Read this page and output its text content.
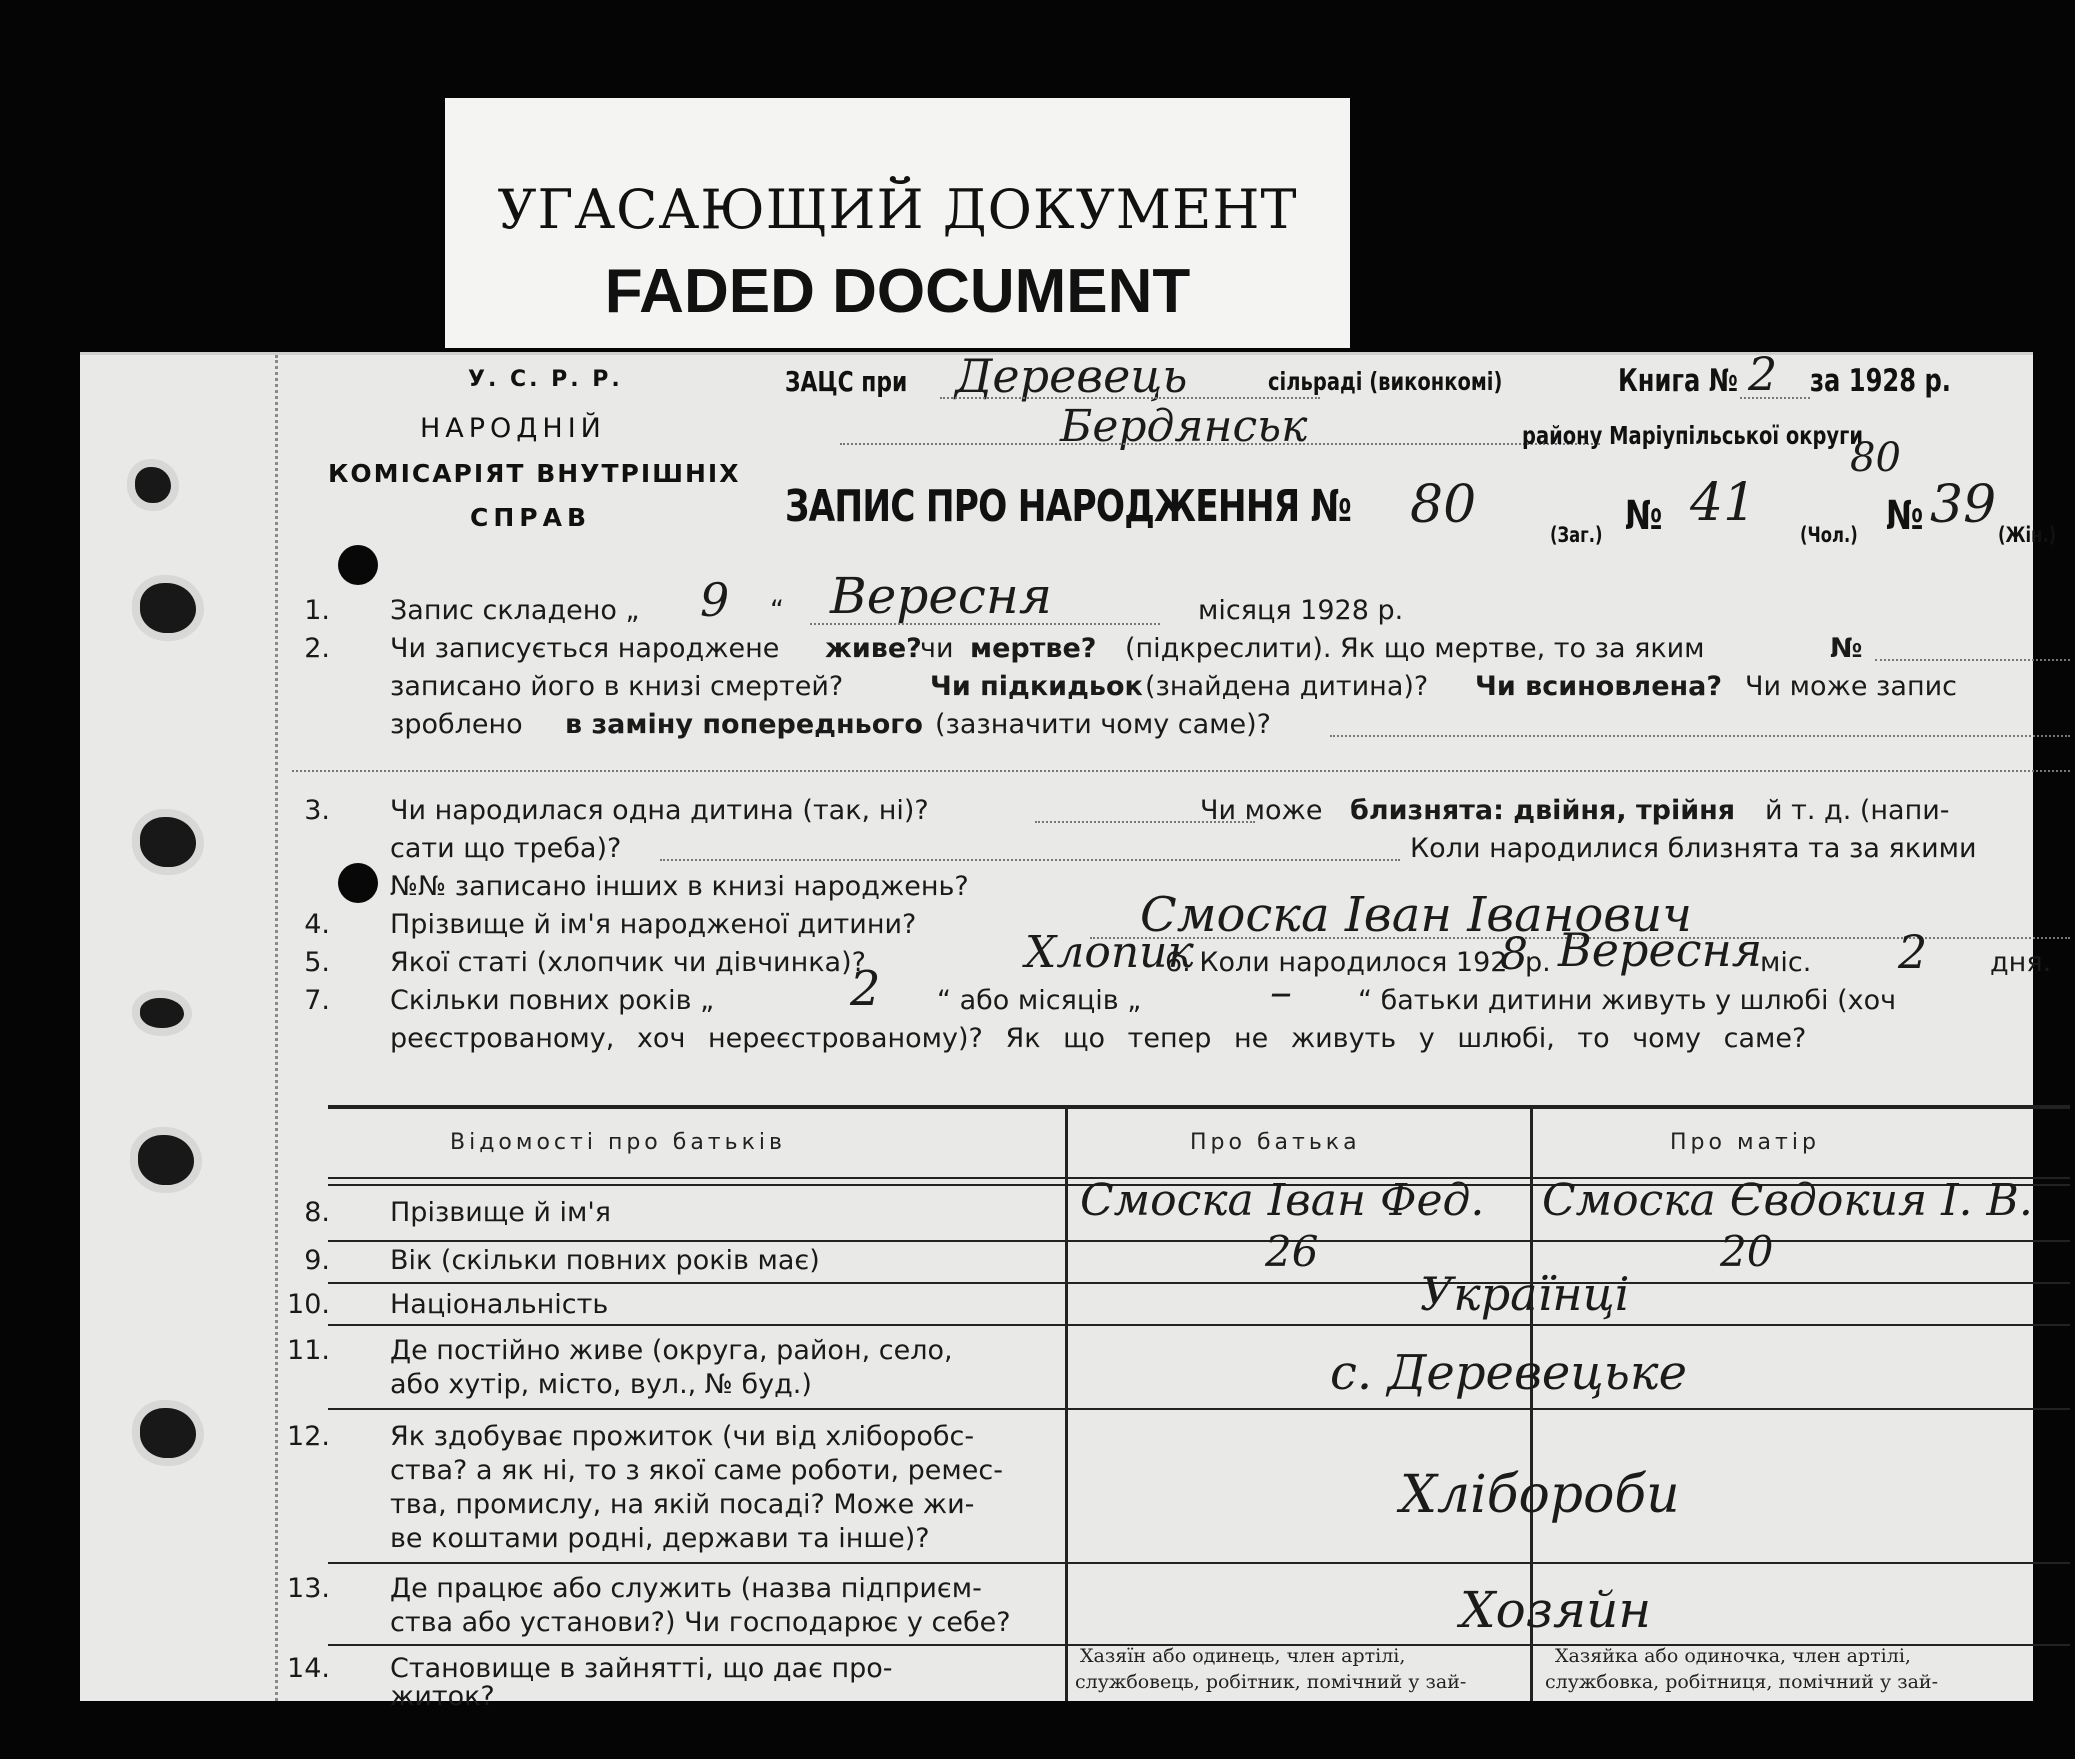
УГАСАЮЩИЙ ДОКУМЕНТ
FADED DOCUMENT
У. С. Р. Р.
НАРОДНІЙ
КОМІСАРІЯТ ВНУТРІШНІХ
СПРАВ
ЗАЦС при Деревець	сільраді (виконкомі)	Книга № 2 за 1928 р.
Бердянськ	району Маріупільської округи
80
ЗАПИС ПРО НАРОДЖЕННЯ № 80	(Заг.) № 41
(Чол.) № 39 (Жін.)
1. Запис складено „ 9 “ Вересня	місяця 1928 р.
2. Чи записується народжене живе?
чи мертве? (підкреслити). Як що мертве, то за яким	№
записано його в книзі смертей?	Чи підкидьок (знайдена дитина)? Чи всиновлена? Чи може запис
зроблено в заміну попереднього (зазначити чому саме)?
3. Чи народилася одна дитина (так, ні)?	Чи може близнята: двійня, трійня й т. д. (напи-
сати що треба)?	Коли народилися близнята та за якими
№№ записано інших в книзі народжень?
4. Прізвище й ім'я народженої дитини?	Смоска Іван Іванович
5. Якої статі (хлопчик чи дівчинка)?	Хлопик
6. Коли народилося 192
8
р. Вересня
міс. 2 дня.
7. Скільки повних років „	2 “ або місяців „	– “ батьки дитини живуть у шлюбі (хоч
реєстрованому, хоч нереєстрованому)? Як що тепер не живуть у шлюбі, то чому саме?
Відомості про батьків	Про батька	Про матір
8. Прізвище й ім'я	Смоска Іван Фед. Смоска Євдокия І. В.
9. Вік (скільки повних років має)	26	20
10. Національність	Українці
11. Де постійно живе (округа, район, село,
або хутір, місто, вул., № буд.)	с. Деревецьке
12. Як здобуває прожиток (чи від хліборобс-
ства? а як ні, то з якої саме роботи, ремес-
тва, промислу, на якій посаді? Може жи-
ве коштами родні, держави та інше)?
Хлібороби
13. Де працює або служить (назва підприєм-
ства або установи?) Чи господарює у себе?	Хозяйн
14. Становище в зайнятті, що дає про-
житок?
Хазяїн або одинець, член артілі,
службовець, робітник, помічний у зай-
Хазяйка або одиночка, член артілі,
службовка, робітниця, помічний у зай-
